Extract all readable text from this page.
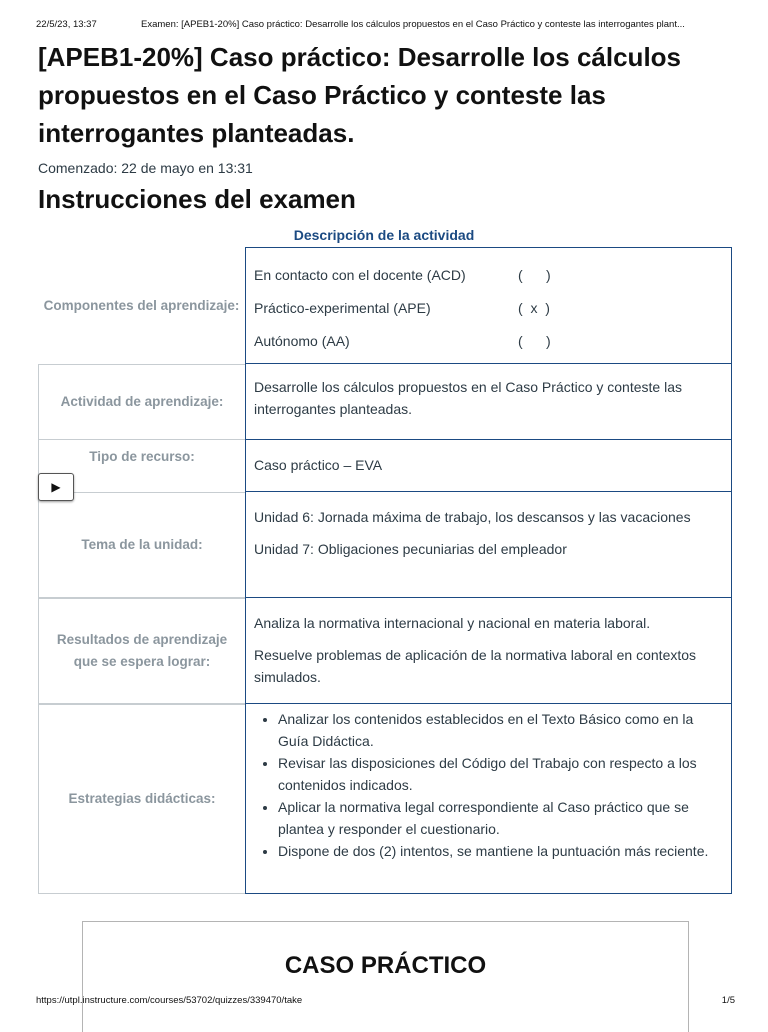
22/5/23, 13:37	Examen: [APEB1-20%] Caso práctico: Desarrolle los cálculos propuestos en el Caso Práctico y conteste las interrogantes plant...
[APEB1-20%] Caso práctico: Desarrolle los cálculos propuestos en el Caso Práctico y conteste las interrogantes planteadas.
Comenzado: 22 de mayo en 13:31
Instrucciones del examen
Descripción de la actividad
Componentes del aprendizaje:
En contacto con el docente (ACD)	(      )
Práctico-experimental (APE)	(  x  )
Autónomo (AA)	(      )
Actividad de aprendizaje:
Desarrolle los cálculos propuestos en el Caso Práctico y conteste las interrogantes planteadas.
Tipo de recurso:
Caso práctico – EVA
Tema de la unidad:

Unidad 6: Jornada máxima de trabajo, los descansos y las vacaciones

Unidad 7: Obligaciones pecuniarias del empleador

Resultados de aprendizaje que se espera lograr:

Analiza la normativa internacional y nacional en materia laboral.

Resuelve problemas de aplicación de la normativa laboral en contextos simulados.

Estrategias didácticas:
• Analizar los contenidos establecidos en el Texto Básico como en la Guía Didáctica.
• Revisar las disposiciones del Código del Trabajo con respecto a los contenidos indicados.
• Aplicar la normativa legal correspondiente al Caso práctico que se plantea y responder el cuestionario.
• Dispone de dos (2) intentos, se mantiene la puntuación más reciente.
▶
CASO PRÁCTICO
https://utpl.instructure.com/courses/53702/quizzes/339470/take	1/5
